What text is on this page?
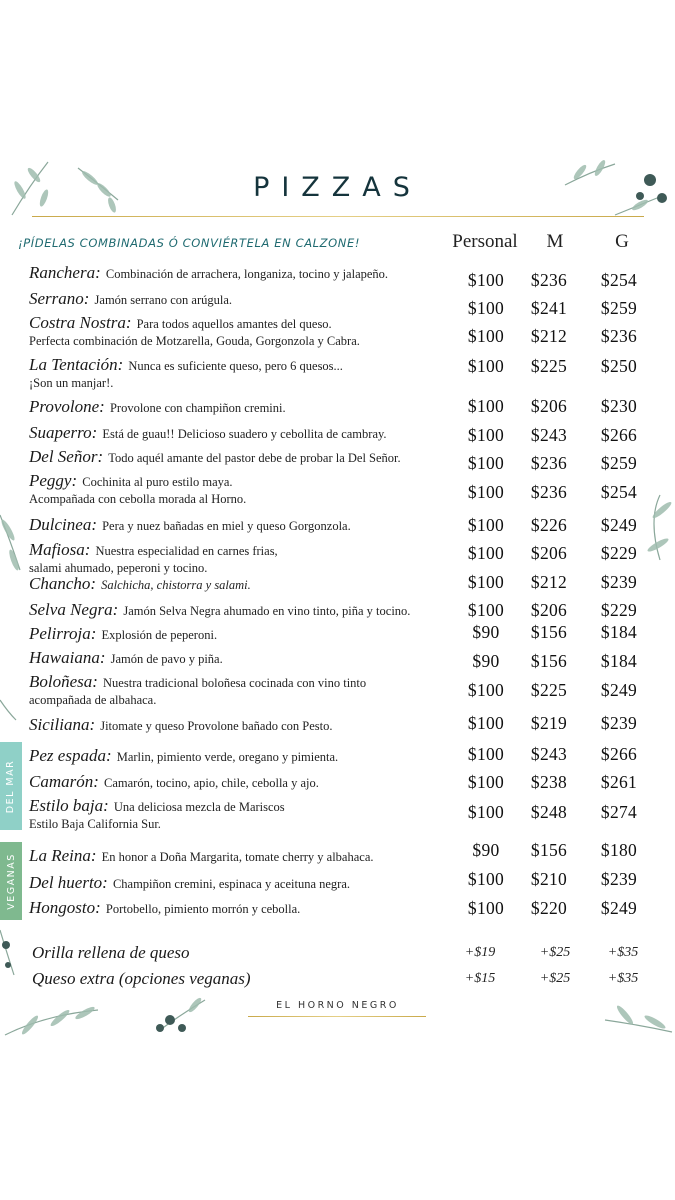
PIZZAS
¡PÍDELAS COMBINADAS Ó CONVIÉRTELA EN CALZONE!	Personal M	G
Ranchera: Combinación de arrachera, longaniza, tocino y jalapeño.	$100 $236 $254
Serrano: Jamón serrano con arúgula.	$100 $241 $259
Costra Nostra: Para todos aquellos amantes del queso.
Perfecta combinación de Motzarella, Gouda, Gorgonzola y Cabra.	$100 $212 $236
La Tentación: Nunca es suficiente queso, pero 6 quesos...
¡Son un manjar!.
$100 $225 $250
Provolone: Provolone con champiñon cremini.	$100 $206 $230
Suaperro: Está de guau!! Delicioso suadero y cebollita de cambray.	$100 $243 $266
Del Señor: Todo aquél amante del pastor debe de probar la Del Señor.	$100 $236 $259
Peggy: Cochinita al puro estilo maya.
Acompañada con cebolla morada al Horno.	$100 $236 $254
Dulcinea: Pera y nuez bañadas en miel y queso Gorgonzola.	$100 $226 $249
Mafiosa: Nuestra especialidad en carnes frias,
salami ahumado, peperoni y tocino.
$100 $206 $229
Chancho: Salchicha, chistorra y salami.	$100 $212 $239
Selva Negra: Jamón Selva Negra ahumado en vino tinto, piña y tocino.	$100 $206 $229
Pelirroja: Explosión de peperoni.	$90 $156 $184
Hawaiana: Jamón de pavo y piña.	$90 $156 $184
Boloñesa: Nuestra tradicional boloñesa cocinada con vino tinto
acompañada de albahaca.	$100 $225 $249
Siciliana: Jitomate y queso Provolone bañado con Pesto.	$100 $219 $239
Pez espada: Marlin, pimiento verde, oregano y pimienta.	$100 $243 $266
Camarón: Camarón, tocino, apio, chile, cebolla y ajo.	$100 $238 $261
Estilo baja: Una deliciosa mezcla de Mariscos
Estilo Baja California Sur.
$100 $248 $274
La Reina: En honor a Doña Margarita, tomate cherry y albahaca.	$90 $156 $180
Del huerto: Champiñon cremini, espinaca y aceituna negra.	$100 $210 $239
Hongosto: Portobello, pimiento morrón y cebolla.	$100 $220 $249
DEL MAR
VEGANAS
Orilla rellena de queso	+$19	+$25	+$35
Queso extra (opciones veganas)	+$15	+$25	+$35
EL HORNO NEGRO
